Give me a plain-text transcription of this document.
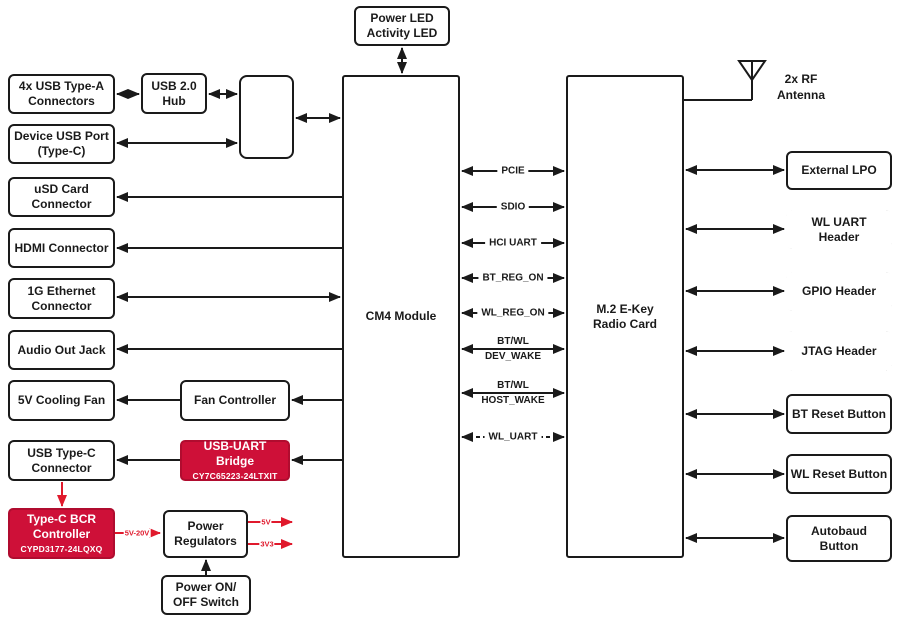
Power LED
Activity LED
4x USB Type-A
Connectors
USB 2.0
Hub
Device USB Port
(Type-C)
uSD Card
Connector
HDMI Connector
1G Ethernet
Connector
Audio Out Jack
5V Cooling Fan	Fan Controller
USB Type-C
Connector
USB-UART Bridge
CY7C65223-24LTXIT
Type-C BCR
Controller
CYPD3177-24LQXQ
Power
Regulators
Power ON/
OFF Switch
CM4 Module
M.2 E-Key
Radio Card
2x RF
Antenna
External LPO
WL UART
Header
GPIO Header
JTAG Header
BT Reset Button
WL Reset Button
Autobaud
Button
PCIE
SDIO
HCI UART
BT_REG_ON
WL_REG_ON
BT/WL
DEV_WAKE
BT/WL
HOST_WAKE
WL_UART
5V-20V
5V
3V3
